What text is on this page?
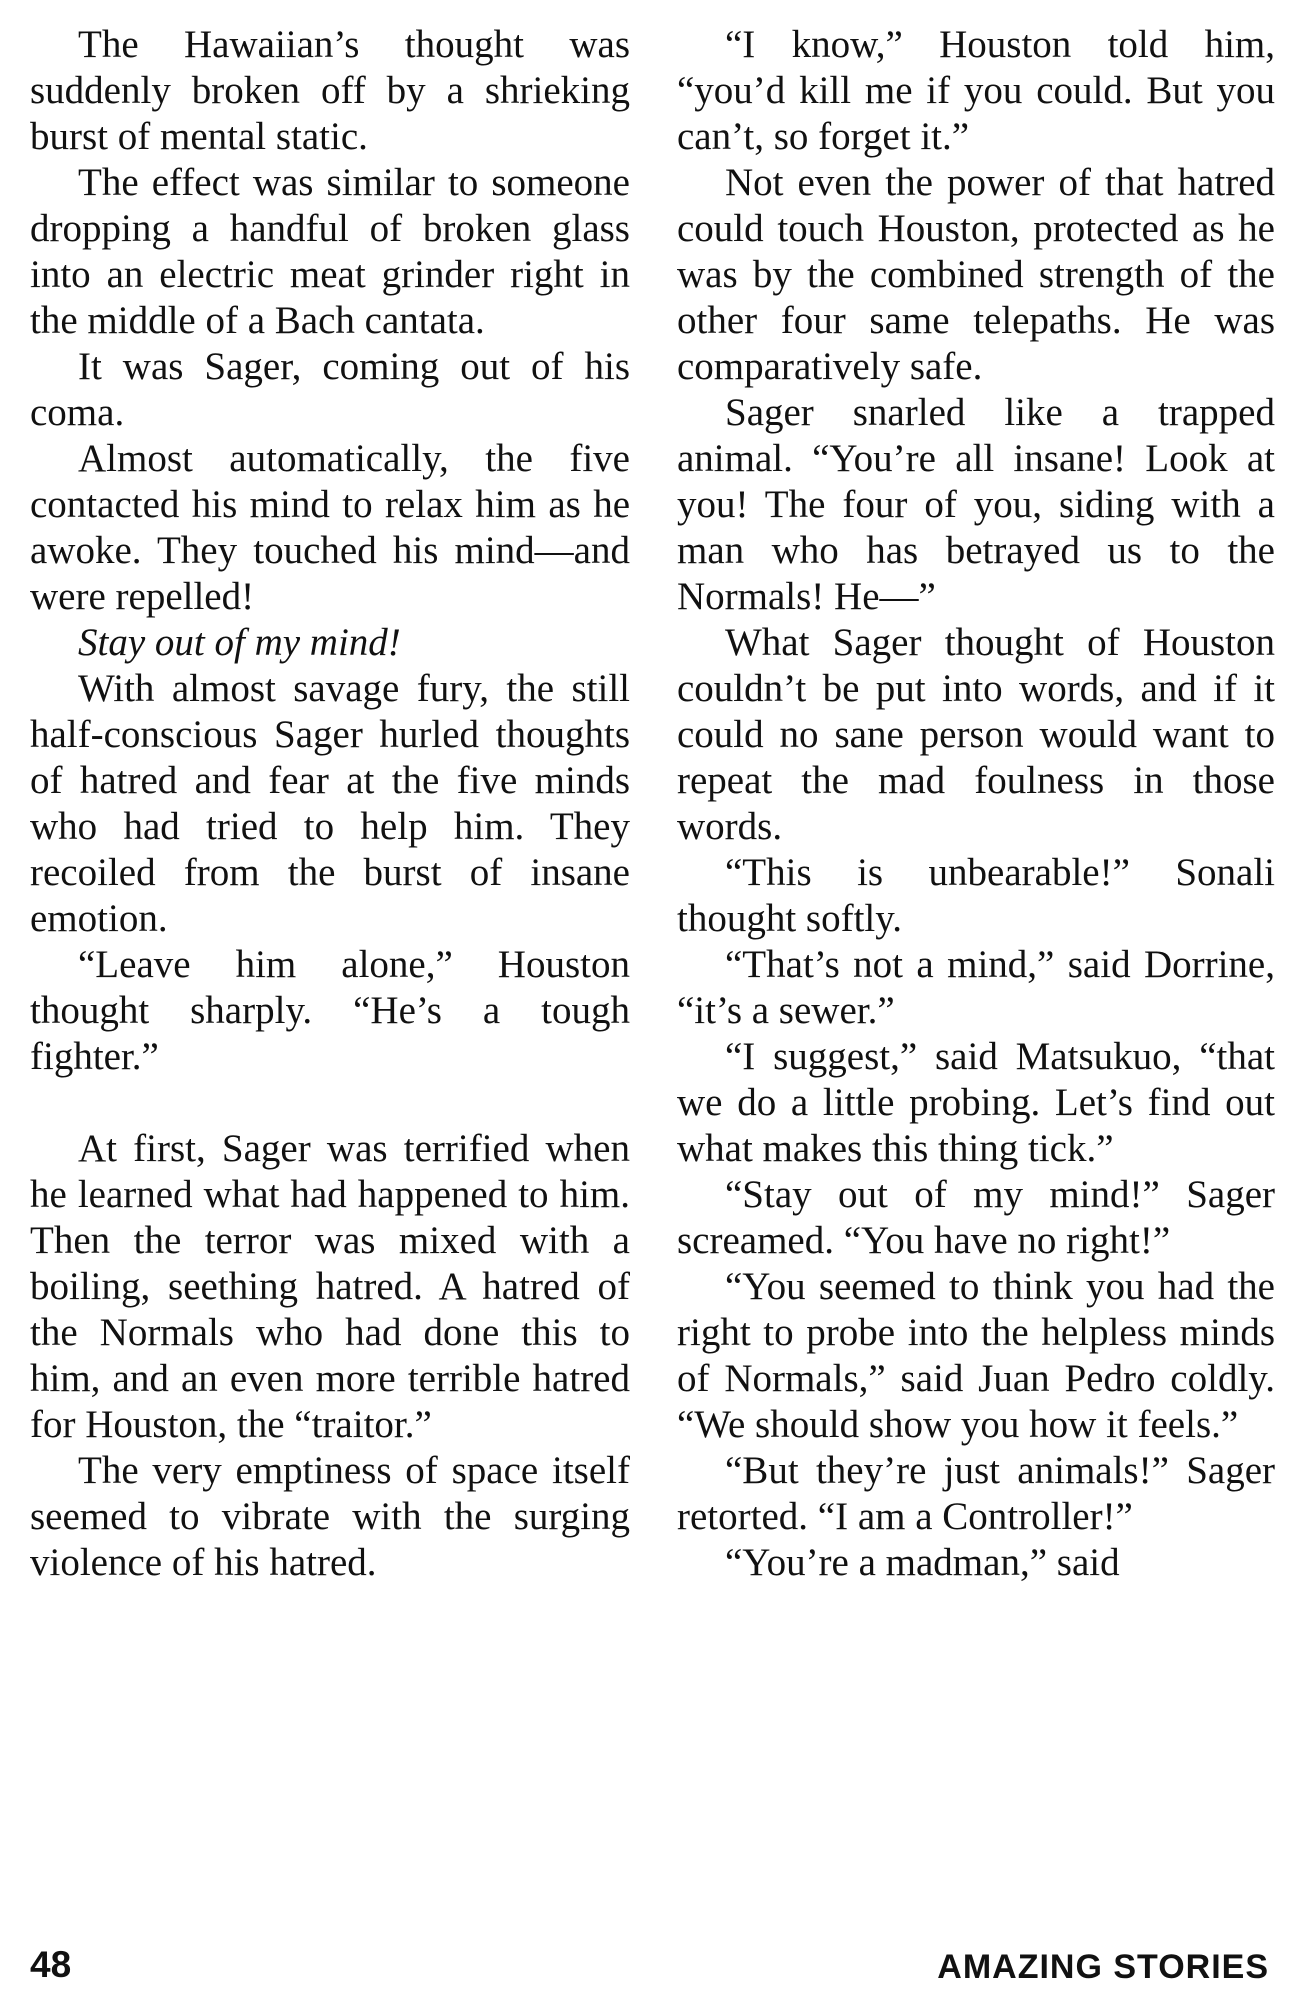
The Hawaiian’s thought was suddenly broken off by a shrieking burst of mental static.

The effect was similar to someone dropping a handful of broken glass into an electric meat grinder right in the middle of a Bach cantata.

It was Sager, coming out of his coma.

Almost automatically, the five contacted his mind to relax him as he awoke. They touched his mind—and were repelled!

Stay out of my mind!

With almost savage fury, the still half-conscious Sager hurled thoughts of hatred and fear at the five minds who had tried to help him. They recoiled from the burst of insane emotion.

“Leave him alone,” Houston thought sharply. “He’s a tough fighter.”

At first, Sager was terrified when he learned what had happened to him. Then the terror was mixed with a boiling, seething hatred. A hatred of the Normals who had done this to him, and an even more terrible hatred for Houston, the “traitor.”

The very emptiness of space itself seemed to vibrate with the surging violence of his hatred.

“I know,” Houston told him, “you’d kill me if you could. But you can’t, so forget it.”

Not even the power of that hatred could touch Houston, protected as he was by the combined strength of the other four same telepaths. He was comparatively safe.

Sager snarled like a trapped animal. “You’re all insane! Look at you! The four of you, siding with a man who has betrayed us to the Normals! He—”

What Sager thought of Houston couldn’t be put into words, and if it could no sane person would want to repeat the mad foulness in those words.

“This is unbearable!” Sonali thought softly.

“That’s not a mind,” said Dorrine, “it’s a sewer.”

“I suggest,” said Matsukuo, “that we do a little probing. Let’s find out what makes this thing tick.”

“Stay out of my mind!” Sager screamed. “You have no right!”

“You seemed to think you had the right to probe into the helpless minds of Normals,” said Juan Pedro coldly. “We should show you how it feels.”

“But they’re just animals!” Sager retorted. “I am a Controller!”

“You’re a madman,” said

48	AMAZING STORIES
